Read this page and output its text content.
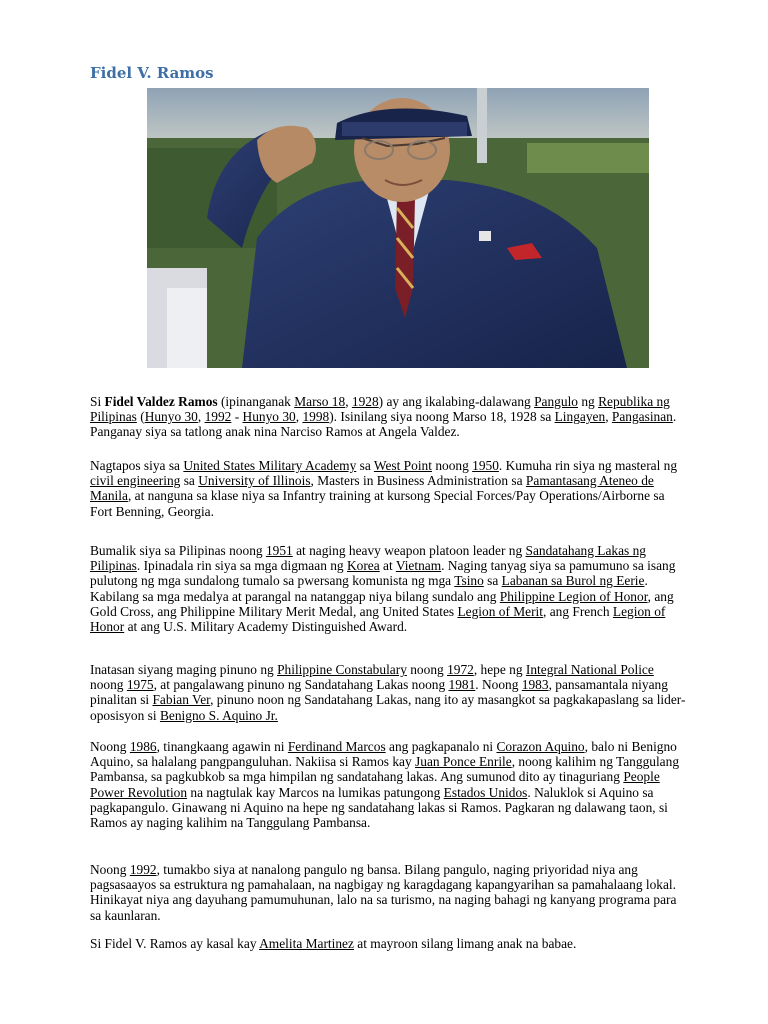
Fidel V. Ramos

Si Fidel Valdez Ramos (ipinanganak Marso 18, 1928) ay ang ikalabing-dalawang Pangulo ng Republika ng Pilipinas (Hunyo 30, 1992 - Hunyo 30, 1998). Isinilang siya noong Marso 18, 1928 sa Lingayen, Pangasinan. Panganay siya sa tatlong anak nina Narciso Ramos at Angela Valdez.

Nagtapos siya sa United States Military Academy sa West Point noong 1950. Kumuha rin siya ng masteral ng civil engineering sa University of Illinois, Masters in Business Administration sa Pamantasang Ateneo de Manila, at nanguna sa klase niya sa Infantry training at kursong Special Forces/Pay Operations/Airborne sa Fort Benning, Georgia.

Bumalik siya sa Pilipinas noong 1951 at naging heavy weapon platoon leader ng Sandatahang Lakas ng Pilipinas. Ipinadala rin siya sa mga digmaan ng Korea at Vietnam. Naging tanyag siya sa pamumuno sa isang pulutong ng mga sundalong tumalo sa pwersang komunista ng mga Tsino sa Labanan sa Burol ng Eerie. Kabilang sa mga medalya at parangal na natanggap niya bilang sundalo ang Philippine Legion of Honor, ang Gold Cross, ang Philippine Military Merit Medal, ang United States Legion of Merit, ang French Legion of Honor at ang U.S. Military Academy Distinguished Award.

Inatasan siyang maging pinuno ng Philippine Constabulary noong 1972, hepe ng Integral National Police noong 1975, at pangalawang pinuno ng Sandatahang Lakas noong 1981. Noong 1983, pansamantala niyang pinalitan si Fabian Ver, pinuno noon ng Sandatahang Lakas, nang ito ay masangkot sa pagkakapaslang sa lider-oposisyon si Benigno S. Aquino Jr.

Noong 1986, tinangkaang agawin ni Ferdinand Marcos ang pagkapanalo ni Corazon Aquino, balo ni Benigno Aquino, sa halalang pangpanguluhan. Nakiisa si Ramos kay Juan Ponce Enrile, noong kalihim ng Tanggulang Pambansa, sa pagkubkob sa mga himpilan ng sandatahang lakas. Ang sumunod dito ay tinaguriang People Power Revolution na nagtulak kay Marcos na lumikas patungong Estados Unidos. Naluklok si Aquino sa pagkapangulo. Ginawang ni Aquino na hepe ng sandatahang lakas si Ramos. Pagkaran ng dalawang taon, si Ramos ay naging kalihim na Tanggulang Pambansa.

Noong 1992, tumakbo siya at nanalong pangulo ng bansa. Bilang pangulo, naging priyoridad niya ang pagsasaayos sa estruktura ng pamahalaan, na nagbigay ng karagdagang kapangyarihan sa pamahalaang lokal. Hinikayat niya ang dayuhang pamumuhunan, lalo na sa turismo, na naging bahagi ng kanyang programa para sa kaunlaran.

Si Fidel V. Ramos ay kasal kay Amelita Martinez at mayroon silang limang anak na babae.
